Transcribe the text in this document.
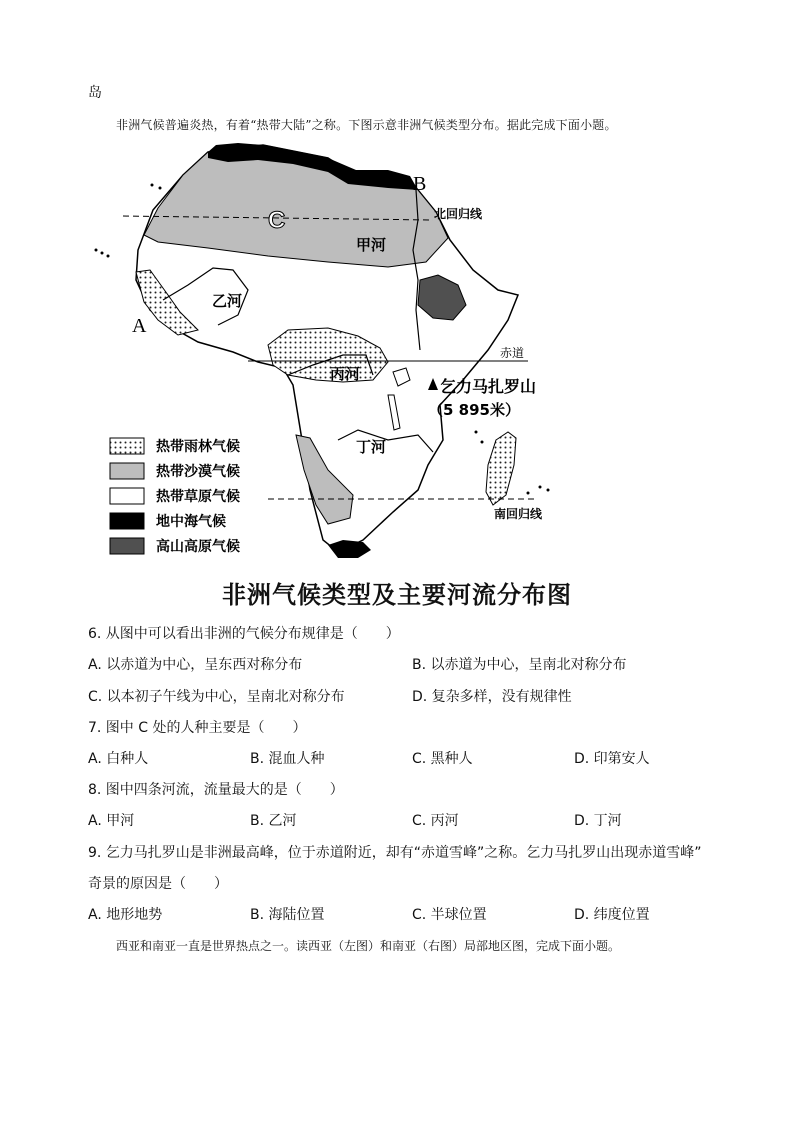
岛
非洲气候普遍炎热，有着“热带大陆”之称。下图示意非洲气候类型分布。据此完成下面小题。
A
B
C
甲河
乙河
丙河
丁河
北回归线
赤道
南回归线
乞力马扎罗山
（5 895米）
热带雨林气候
热带沙漠气候
热带草原气候
地中海气候
高山高原气候
非洲气候类型及主要河流分布图
6. 从图中可以看出非洲的气候分布规律是（　　）
A. 以赤道为中心，呈东西对称分布	B. 以赤道为中心，呈南北对称分布
C. 以本初子午线为中心，呈南北对称分布	D. 复杂多样，没有规律性
7. 图中 C 处的人种主要是（　　）
A. 白种人	B. 混血人种	C. 黑种人	D. 印第安人
8. 图中四条河流，流量最大的是（　　）
A. 甲河	B. 乙河	C. 丙河	D. 丁河
9. 乞力马扎罗山是非洲最高峰，位于赤道附近，却有“赤道雪峰”之称。乞力马扎罗山出现赤道雪峰”
奇景的原因是（　　）
A. 地形地势	B. 海陆位置	C. 半球位置	D. 纬度位置
西亚和南亚一直是世界热点之一。读西亚（左图）和南亚（右图）局部地区图，完成下面小题。
